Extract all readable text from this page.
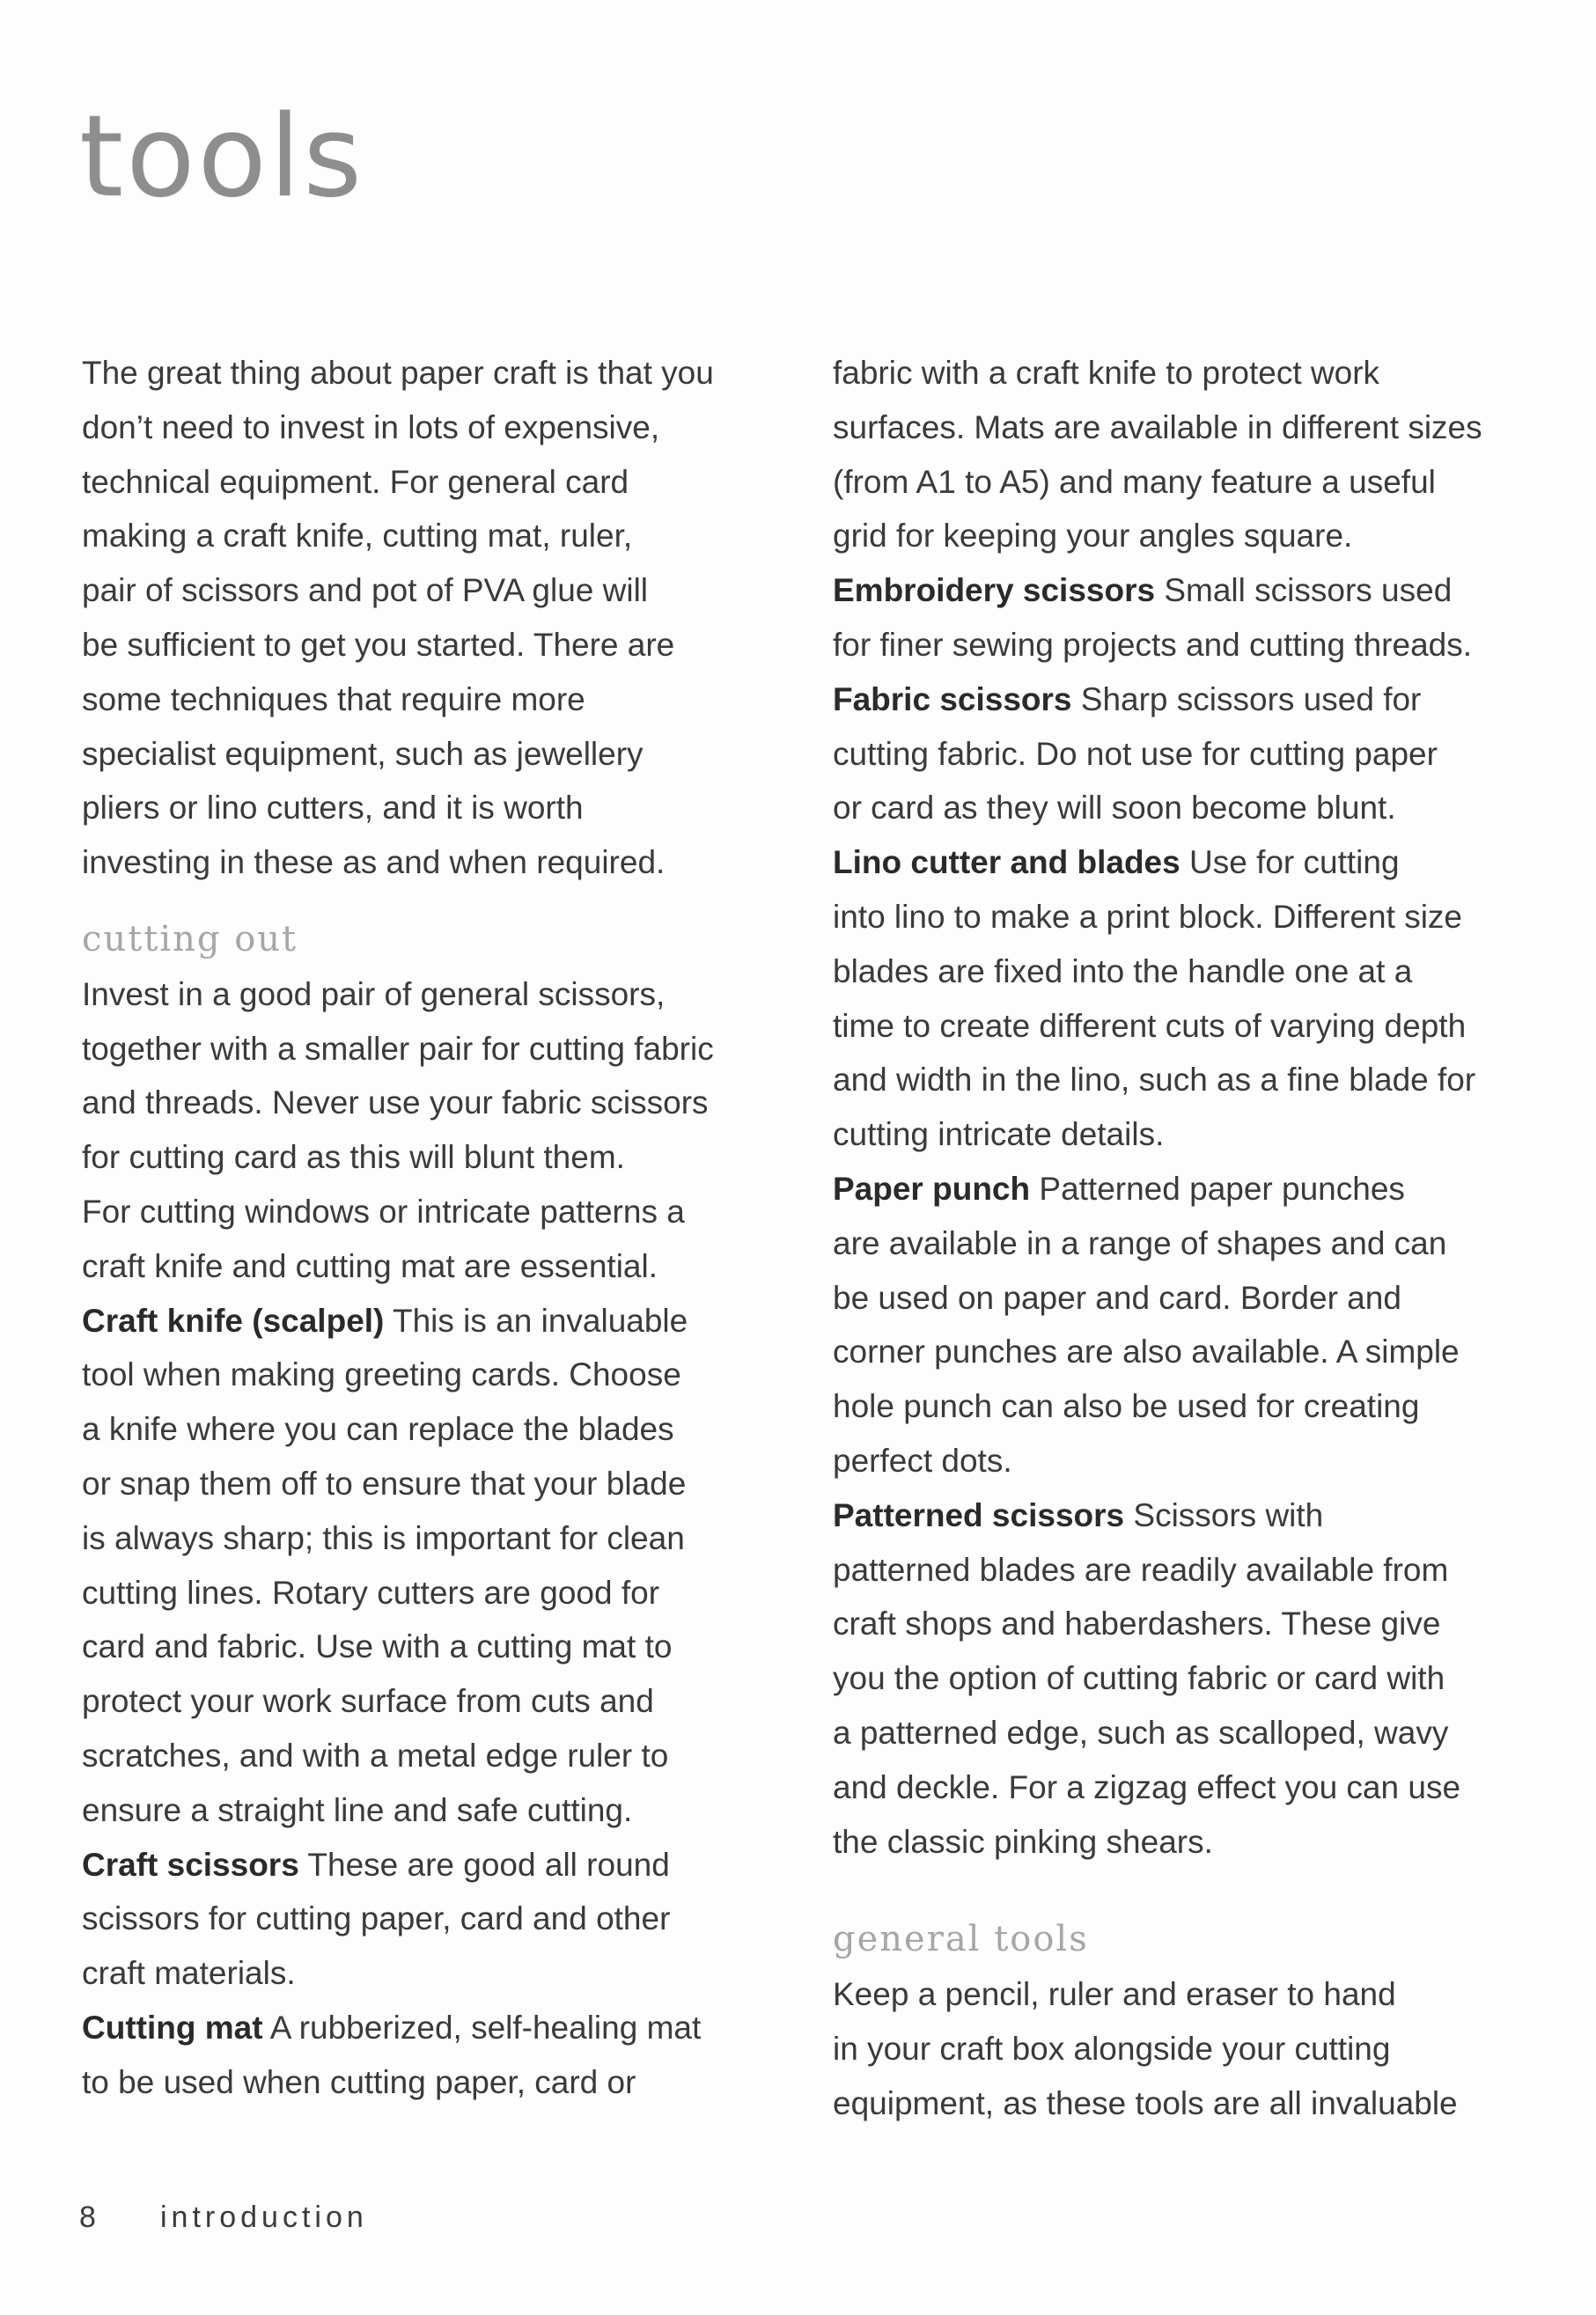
tools
The great thing about paper craft is that you
don’t need to invest in lots of expensive,
technical equipment. For general card
making a craft knife, cutting mat, ruler,
pair of scissors and pot of PVA glue will
be sufficient to get you started. There are
some techniques that require more
specialist equipment, such as jewellery
pliers or lino cutters, and it is worth
investing in these as and when required.
cutting out
Invest in a good pair of general scissors,
together with a smaller pair for cutting fabric
and threads. Never use your fabric scissors
for cutting card as this will blunt them.
For cutting windows or intricate patterns a
craft knife and cutting mat are essential.
Craft knife (scalpel) This is an invaluable
tool when making greeting cards. Choose
a knife where you can replace the blades
or snap them off to ensure that your blade
is always sharp; this is important for clean
cutting lines. Rotary cutters are good for
card and fabric. Use with a cutting mat to
protect your work surface from cuts and
scratches, and with a metal edge ruler to
ensure a straight line and safe cutting.
Craft scissors These are good all round
scissors for cutting paper, card and other
craft materials.
Cutting mat A rubberized, self-healing mat
to be used when cutting paper, card or
fabric with a craft knife to protect work
surfaces. Mats are available in different sizes
(from A1 to A5) and many feature a useful
grid for keeping your angles square.
Embroidery scissors Small scissors used
for finer sewing projects and cutting threads.
Fabric scissors Sharp scissors used for
cutting fabric. Do not use for cutting paper
or card as they will soon become blunt.
Lino cutter and blades Use for cutting
into lino to make a print block. Different size
blades are fixed into the handle one at a
time to create different cuts of varying depth
and width in the lino, such as a fine blade for
cutting intricate details.
Paper punch Patterned paper punches
are available in a range of shapes and can
be used on paper and card. Border and
corner punches are also available. A simple
hole punch can also be used for creating
perfect dots.
Patterned scissors Scissors with
patterned blades are readily available from
craft shops and haberdashers. These give
you the option of cutting fabric or card with
a patterned edge, such as scalloped, wavy
and deckle. For a zigzag effect you can use
the classic pinking shears.
general tools
Keep a pencil, ruler and eraser to hand
in your craft box alongside your cutting
equipment, as these tools are all invaluable
8 introduction
